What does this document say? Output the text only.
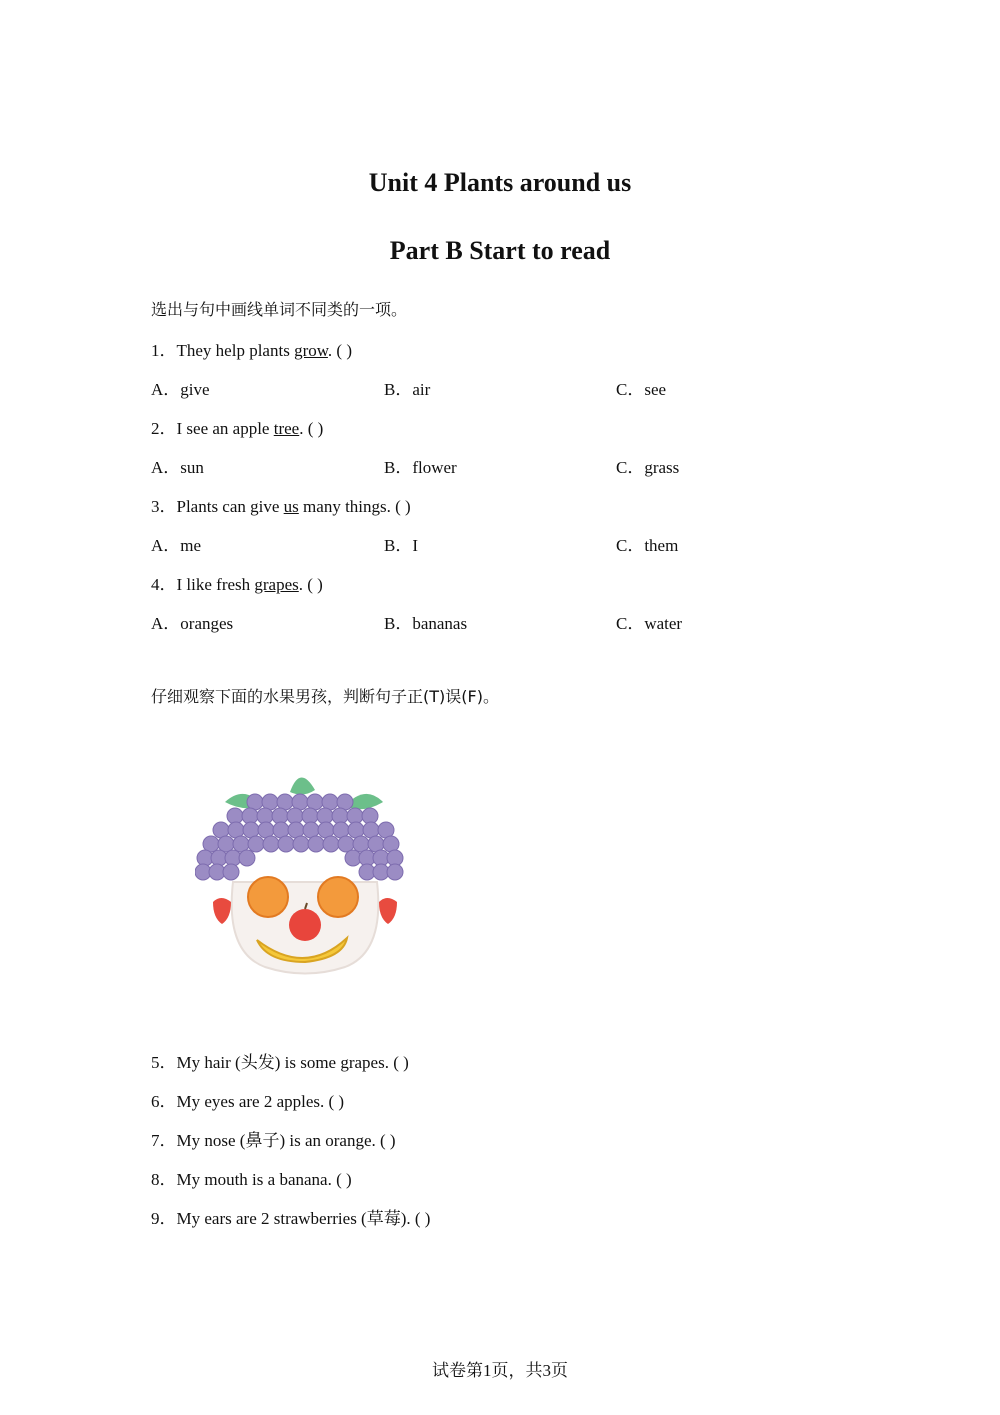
Unit 4 Plants around us
Part B Start to read
选出与句中画线单词不同类的一项。
1．They help plants grow. ( )
A．give	B．air	C．see
2．I see an apple tree. ( )
A．sun	B．flower	C．grass
3．Plants can give us many things. ( )
A．me	B．I	C．them
4．I like fresh grapes. ( )
A．oranges	B．bananas	C．water
仔细观察下面的水果男孩，判断句子正(T)误(F)。
5．My hair (头发) is some grapes. ( )
6．My eyes are 2 apples. ( )
7．My nose (鼻子) is an orange. ( )
8．My mouth is a banana. ( )
9．My ears are 2 strawberries (草莓). ( )
试卷第1页，共3页
